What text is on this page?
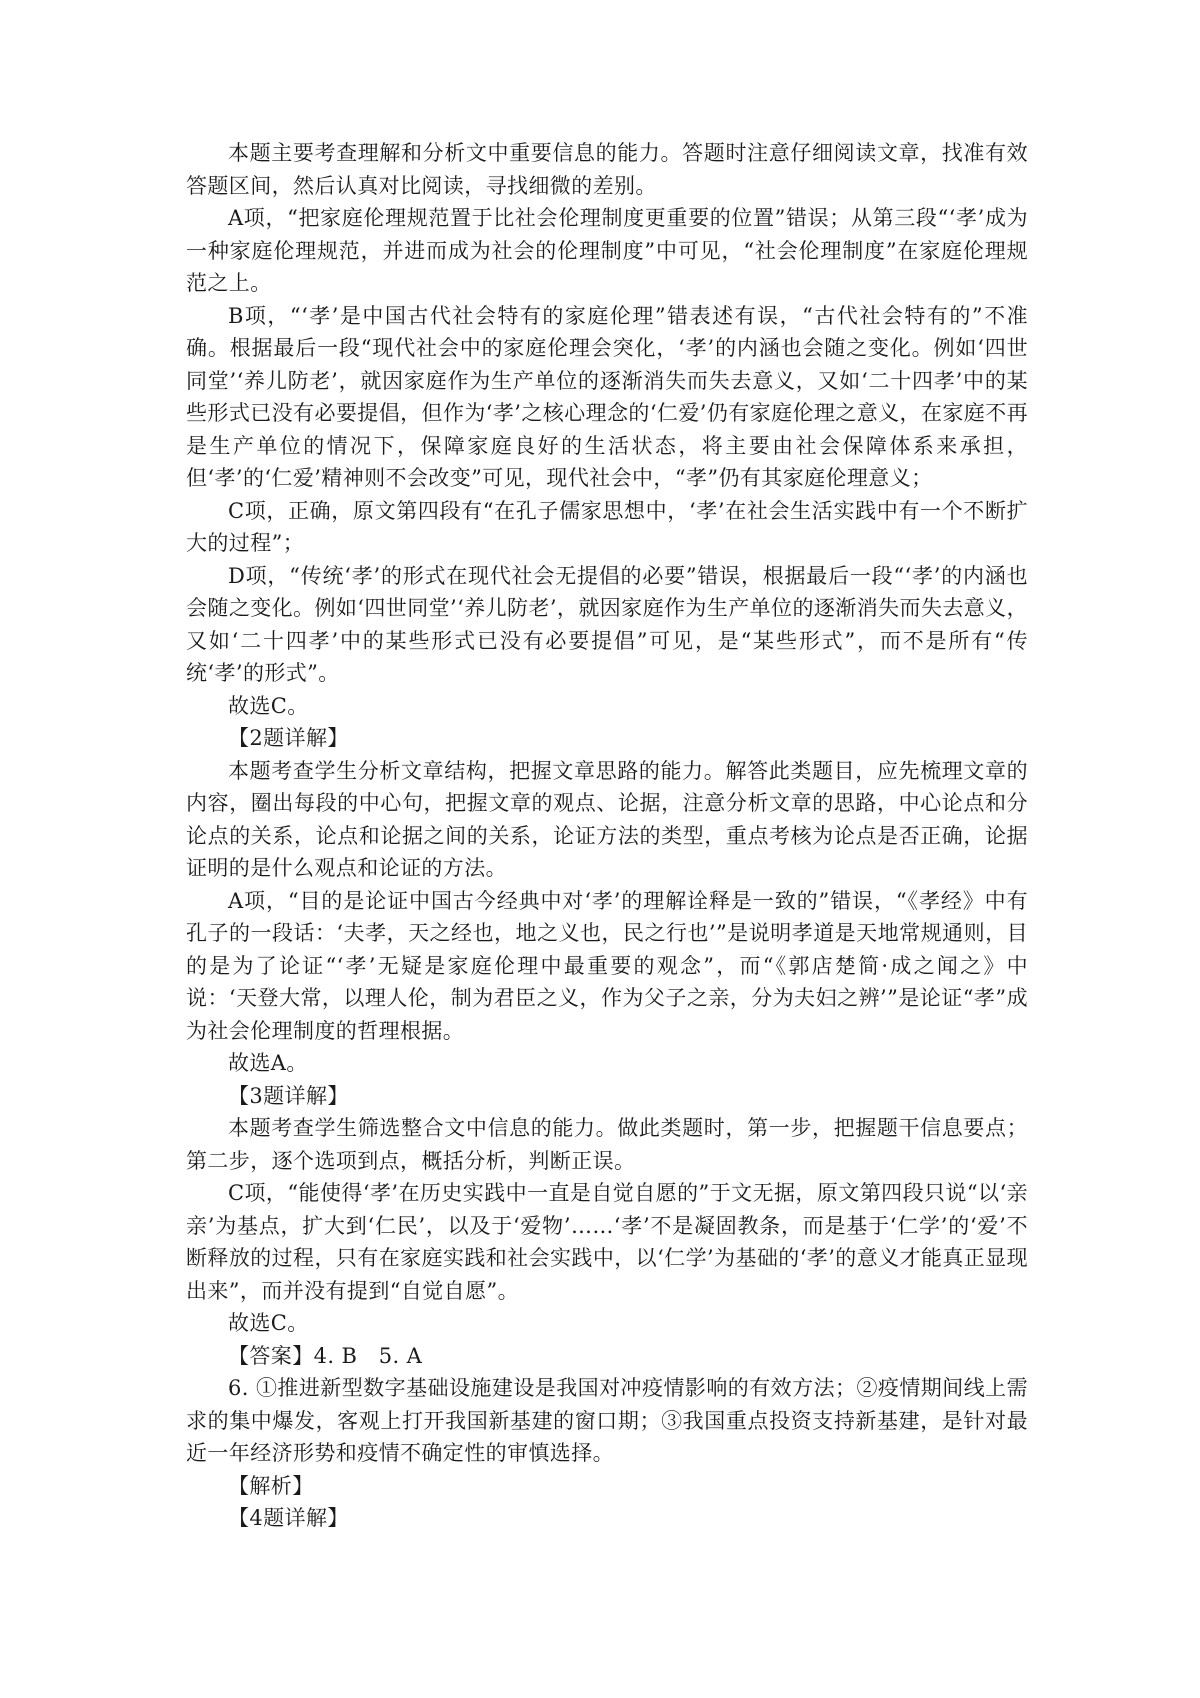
本题主要考查理解和分析文中重要信息的能力。答题时注意仔细阅读文章，找准有效答题区间，然后认真对比阅读，寻找细微的差别。

A项，“把家庭伦理规范置于比社会伦理制度更重要的位置”错误；从第三段“‘孝’成为一种家庭伦理规范，并进而成为社会的伦理制度”中可见，“社会伦理制度”在家庭伦理规范之上。

B项，“‘孝’是中国古代社会特有的家庭伦理”错表述有误，“古代社会特有的”不准确。根据最后一段“现代社会中的家庭伦理会突化，‘孝’的内涵也会随之变化。例如‘四世同堂’‘养儿防老’，就因家庭作为生产单位的逐渐消失而失去意义，又如‘二十四孝’中的某些形式已没有必要提倡，但作为‘孝’之核心理念的‘仁爱’仍有家庭伦理之意义，在家庭不再是生产单位的情况下，保障家庭良好的生活状态，将主要由社会保障体系来承担，但‘孝’的‘仁爱’精神则不会改变”可见，现代社会中，“孝”仍有其家庭伦理意义；

C项，正确，原文第四段有“在孔子儒家思想中，‘孝’在社会生活实践中有一个不断扩大的过程”；

D项，“传统‘孝’的形式在现代社会无提倡的必要”错误，根据最后一段“‘孝’的内涵也会随之变化。例如‘四世同堂’‘养儿防老’，就因家庭作为生产单位的逐渐消失而失去意义，又如‘二十四孝’中的某些形式已没有必要提倡”可见，是“某些形式”，而不是所有“传统‘孝’的形式”。

故选C。

【2题详解】

本题考查学生分析文章结构，把握文章思路的能力。解答此类题目，应先梳理文章的内容，圈出每段的中心句，把握文章的观点、论据，注意分析文章的思路，中心论点和分论点的关系，论点和论据之间的关系，论证方法的类型，重点考核为论点是否正确，论据证明的是什么观点和论证的方法。

A项，“目的是论证中国古今经典中对‘孝’的理解诠释是一致的”错误，“《孝经》中有孔子的一段话：‘夫孝，天之经也，地之义也，民之行也’”是说明孝道是天地常规通则，目的是为了论证“‘孝’无疑是家庭伦理中最重要的观念”，而“《郭店楚简·成之闻之》中说：‘天登大常，以理人伦，制为君臣之义，作为父子之亲，分为夫妇之辨’”是论证“孝”成为社会伦理制度的哲理根据。

故选A。

【3题详解】

本题考查学生筛选整合文中信息的能力。做此类题时，第一步，把握题干信息要点；第二步，逐个选项到点，概括分析，判断正误。

C项，“能使得‘孝’在历史实践中一直是自觉自愿的”于文无据，原文第四段只说“以‘亲亲’为基点，扩大到‘仁民’，以及于‘爱物’……‘孝’不是凝固教条，而是基于‘仁学’的‘爱’不断释放的过程，只有在家庭实践和社会实践中，以‘仁学’为基础的‘孝’的意义才能真正显现出来”，而并没有提到“自觉自愿”。

故选C。

【答案】4. B　5. A

6. ①推进新型数字基础设施建设是我国对冲疫情影响的有效方法；②疫情期间线上需求的集中爆发，客观上打开我国新基建的窗口期；③我国重点投资支持新基建，是针对最近一年经济形势和疫情不确定性的审慎选择。

【解析】

【4题详解】
